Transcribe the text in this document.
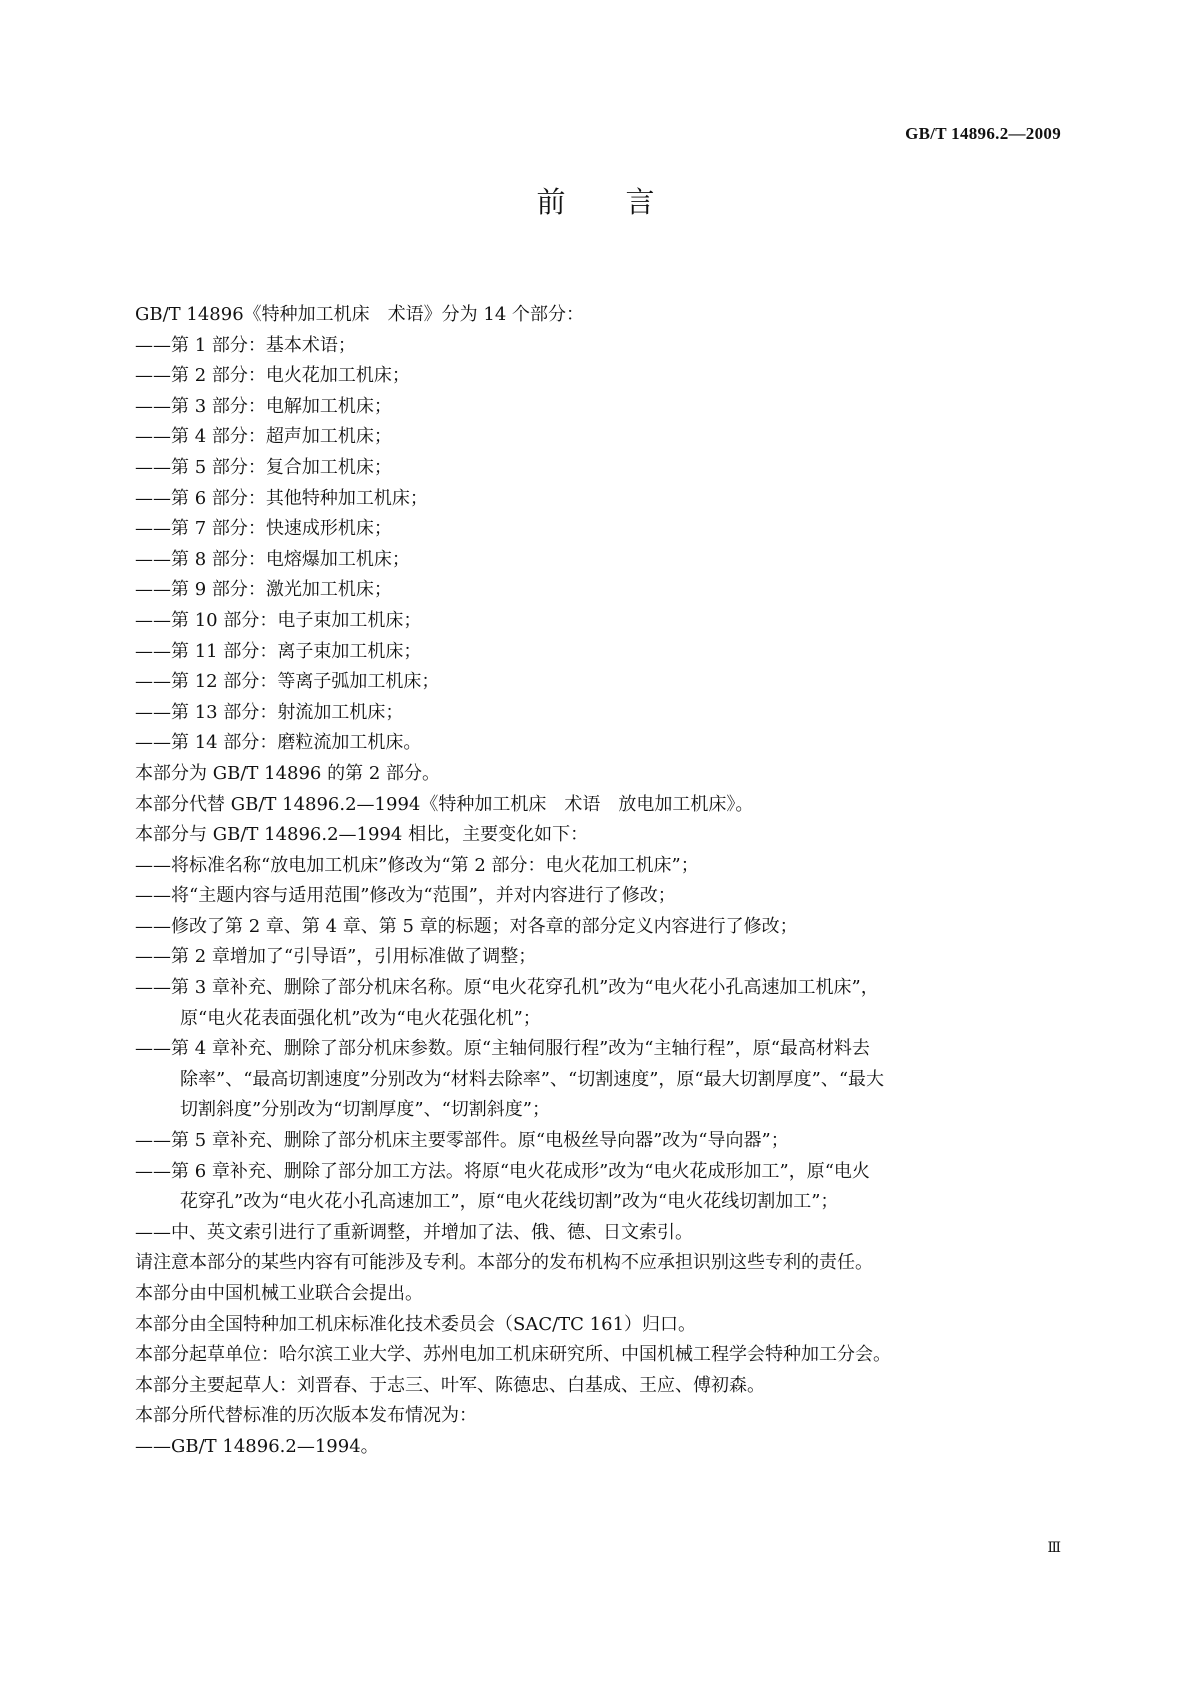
GB/T 14896.2—2009
前言
GB/T 14896《特种加工机床　术语》分为 14 个部分：
——第 1 部分：基本术语；
——第 2 部分：电火花加工机床；
——第 3 部分：电解加工机床；
——第 4 部分：超声加工机床；
——第 5 部分：复合加工机床；
——第 6 部分：其他特种加工机床；
——第 7 部分：快速成形机床；
——第 8 部分：电熔爆加工机床；
——第 9 部分：激光加工机床；
——第 10 部分：电子束加工机床；
——第 11 部分：离子束加工机床；
——第 12 部分：等离子弧加工机床；
——第 13 部分：射流加工机床；
——第 14 部分：磨粒流加工机床。
本部分为 GB/T 14896 的第 2 部分。
本部分代替 GB/T 14896.2—1994《特种加工机床　术语　放电加工机床》。
本部分与 GB/T 14896.2—1994 相比，主要变化如下：
——将标准名称“放电加工机床”修改为“第 2 部分：电火花加工机床”；
——将“主题内容与适用范围”修改为“范围”，并对内容进行了修改；
——修改了第 2 章、第 4 章、第 5 章的标题；对各章的部分定义内容进行了修改；
——第 2 章增加了“引导语”，引用标准做了调整；
——第 3 章补充、删除了部分机床名称。原“电火花穿孔机”改为“电火花小孔高速加工机床”，
原“电火花表面强化机”改为“电火花强化机”；
——第 4 章补充、删除了部分机床参数。原“主轴伺服行程”改为“主轴行程”，原“最高材料去
除率”、“最高切割速度”分别改为“材料去除率”、“切割速度”，原“最大切割厚度”、“最大
切割斜度”分别改为“切割厚度”、“切割斜度”；
——第 5 章补充、删除了部分机床主要零部件。原“电极丝导向器”改为“导向器”；
——第 6 章补充、删除了部分加工方法。将原“电火花成形”改为“电火花成形加工”，原“电火
花穿孔”改为“电火花小孔高速加工”，原“电火花线切割”改为“电火花线切割加工”；
——中、英文索引进行了重新调整，并增加了法、俄、德、日文索引。
请注意本部分的某些内容有可能涉及专利。本部分的发布机构不应承担识别这些专利的责任。
本部分由中国机械工业联合会提出。
本部分由全国特种加工机床标准化技术委员会（SAC/TC 161）归口。
本部分起草单位：哈尔滨工业大学、苏州电加工机床研究所、中国机械工程学会特种加工分会。
本部分主要起草人：刘晋春、于志三、叶军、陈德忠、白基成、王应、傅初森。
本部分所代替标准的历次版本发布情况为：
——GB/T 14896.2—1994。
Ⅲ
